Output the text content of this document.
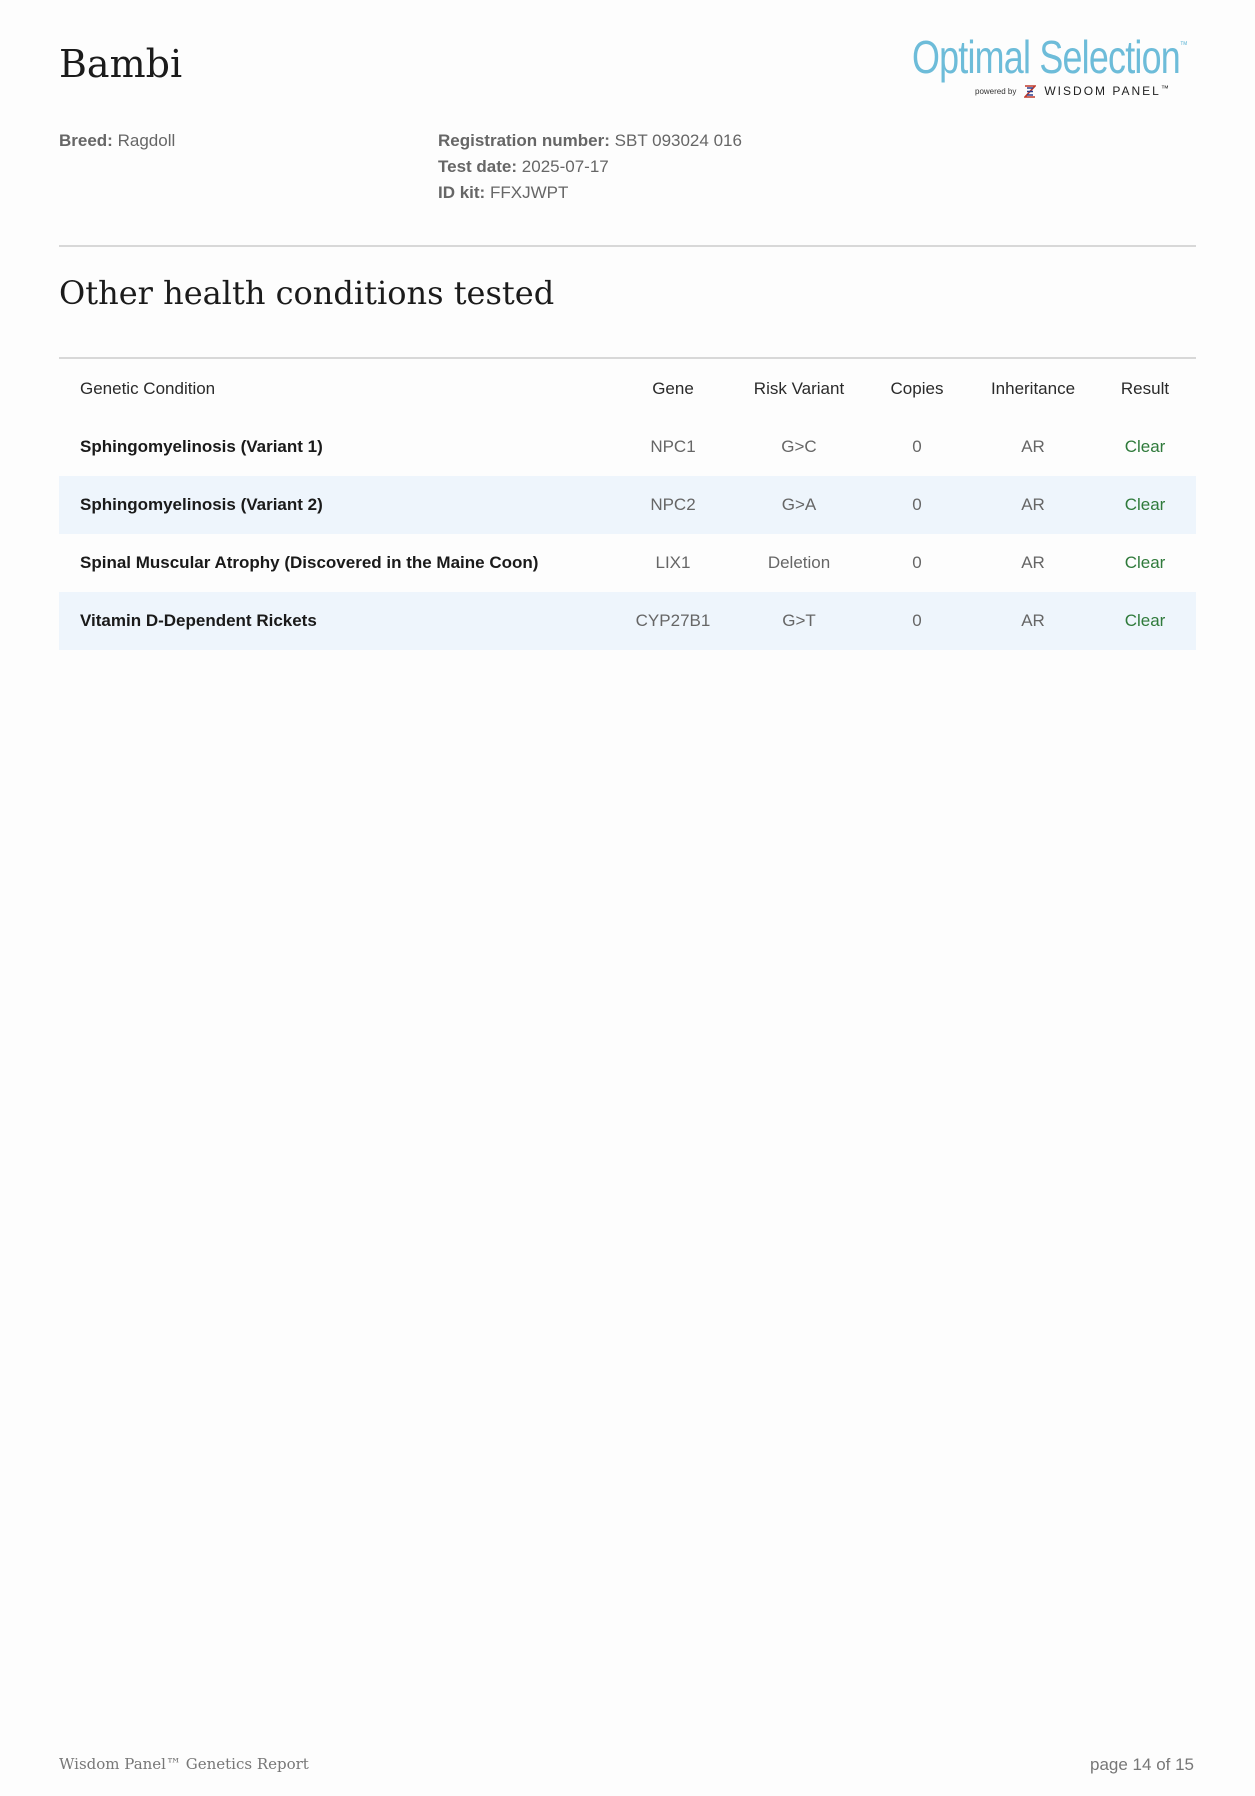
Bambi	Optimal Selection™
powered by WISDOM PANEL™
Breed: Ragdoll	Registration number: SBT 093024 016
Test date: 2025-07-17
ID kit: FFXJWPT
Other health conditions tested
Genetic Condition	Gene	Risk Variant	Copies	Inheritance	Result
Sphingomyelinosis (Variant 1)	NPC1	G>C	0	AR	Clear
Sphingomyelinosis (Variant 2)	NPC2	G>A	0	AR	Clear
Spinal Muscular Atrophy (Discovered in the Maine Coon)	LIX1	Deletion	0	AR	Clear
Vitamin D-Dependent Rickets	CYP27B1	G>T	0	AR	Clear
Wisdom Panel™ Genetics Report	page 14 of 15
